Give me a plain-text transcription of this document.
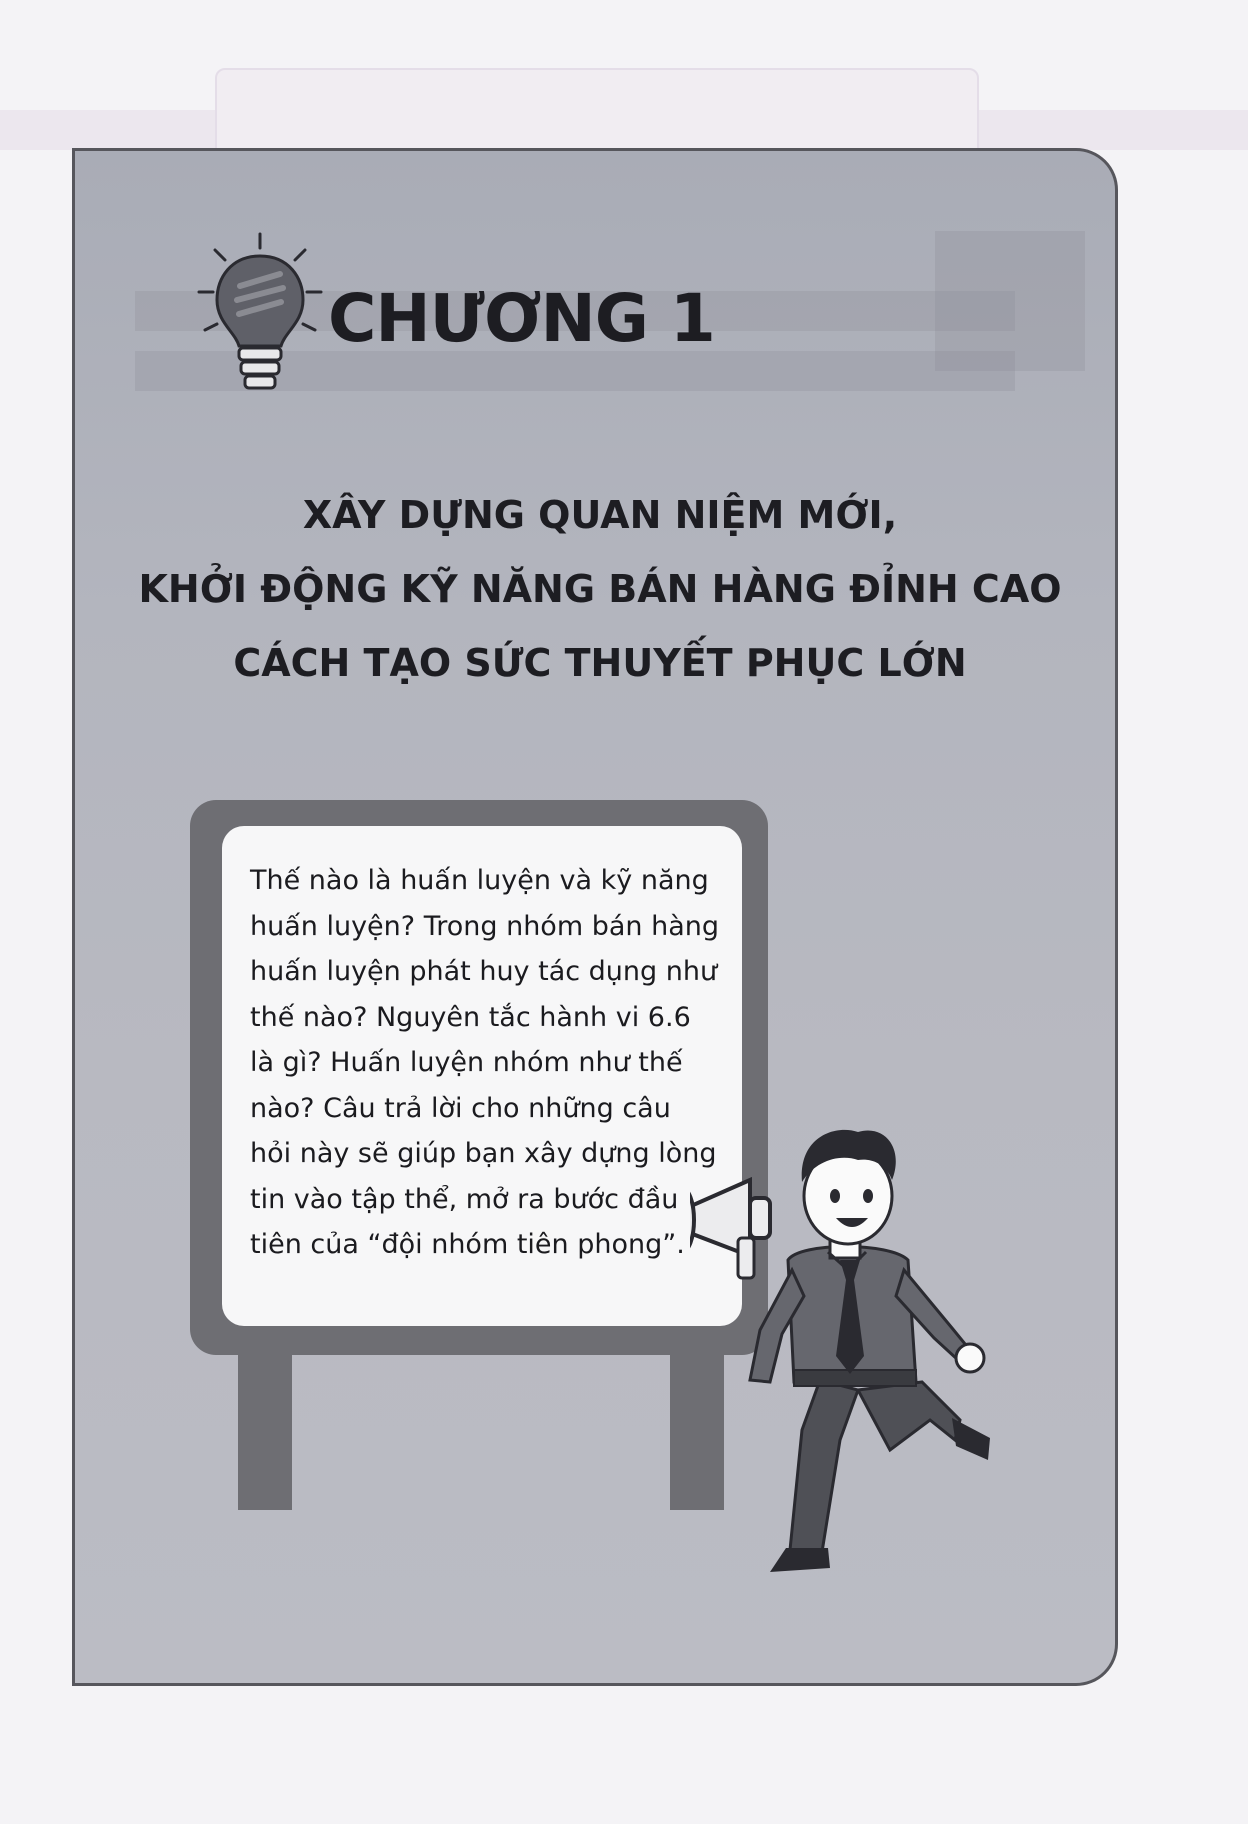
CHƯƠNG 1
XÂY DỰNG QUAN NIỆM MỚI,
KHỞI ĐỘNG KỸ NĂNG BÁN HÀNG ĐỈNH CAO
CÁCH TẠO SỨC THUYẾT PHỤC LỚN

Thế nào là huấn luyện và kỹ năng huấn luyện? Trong nhóm bán hàng huấn luyện phát huy tác dụng như thế nào? Nguyên tắc hành vi 6.6 là gì? Huấn luyện nhóm như thế nào? Câu trả lời cho những câu hỏi này sẽ giúp bạn xây dựng lòng tin vào tập thể, mở ra bước đầu tiên của “đội nhóm tiên phong”.
